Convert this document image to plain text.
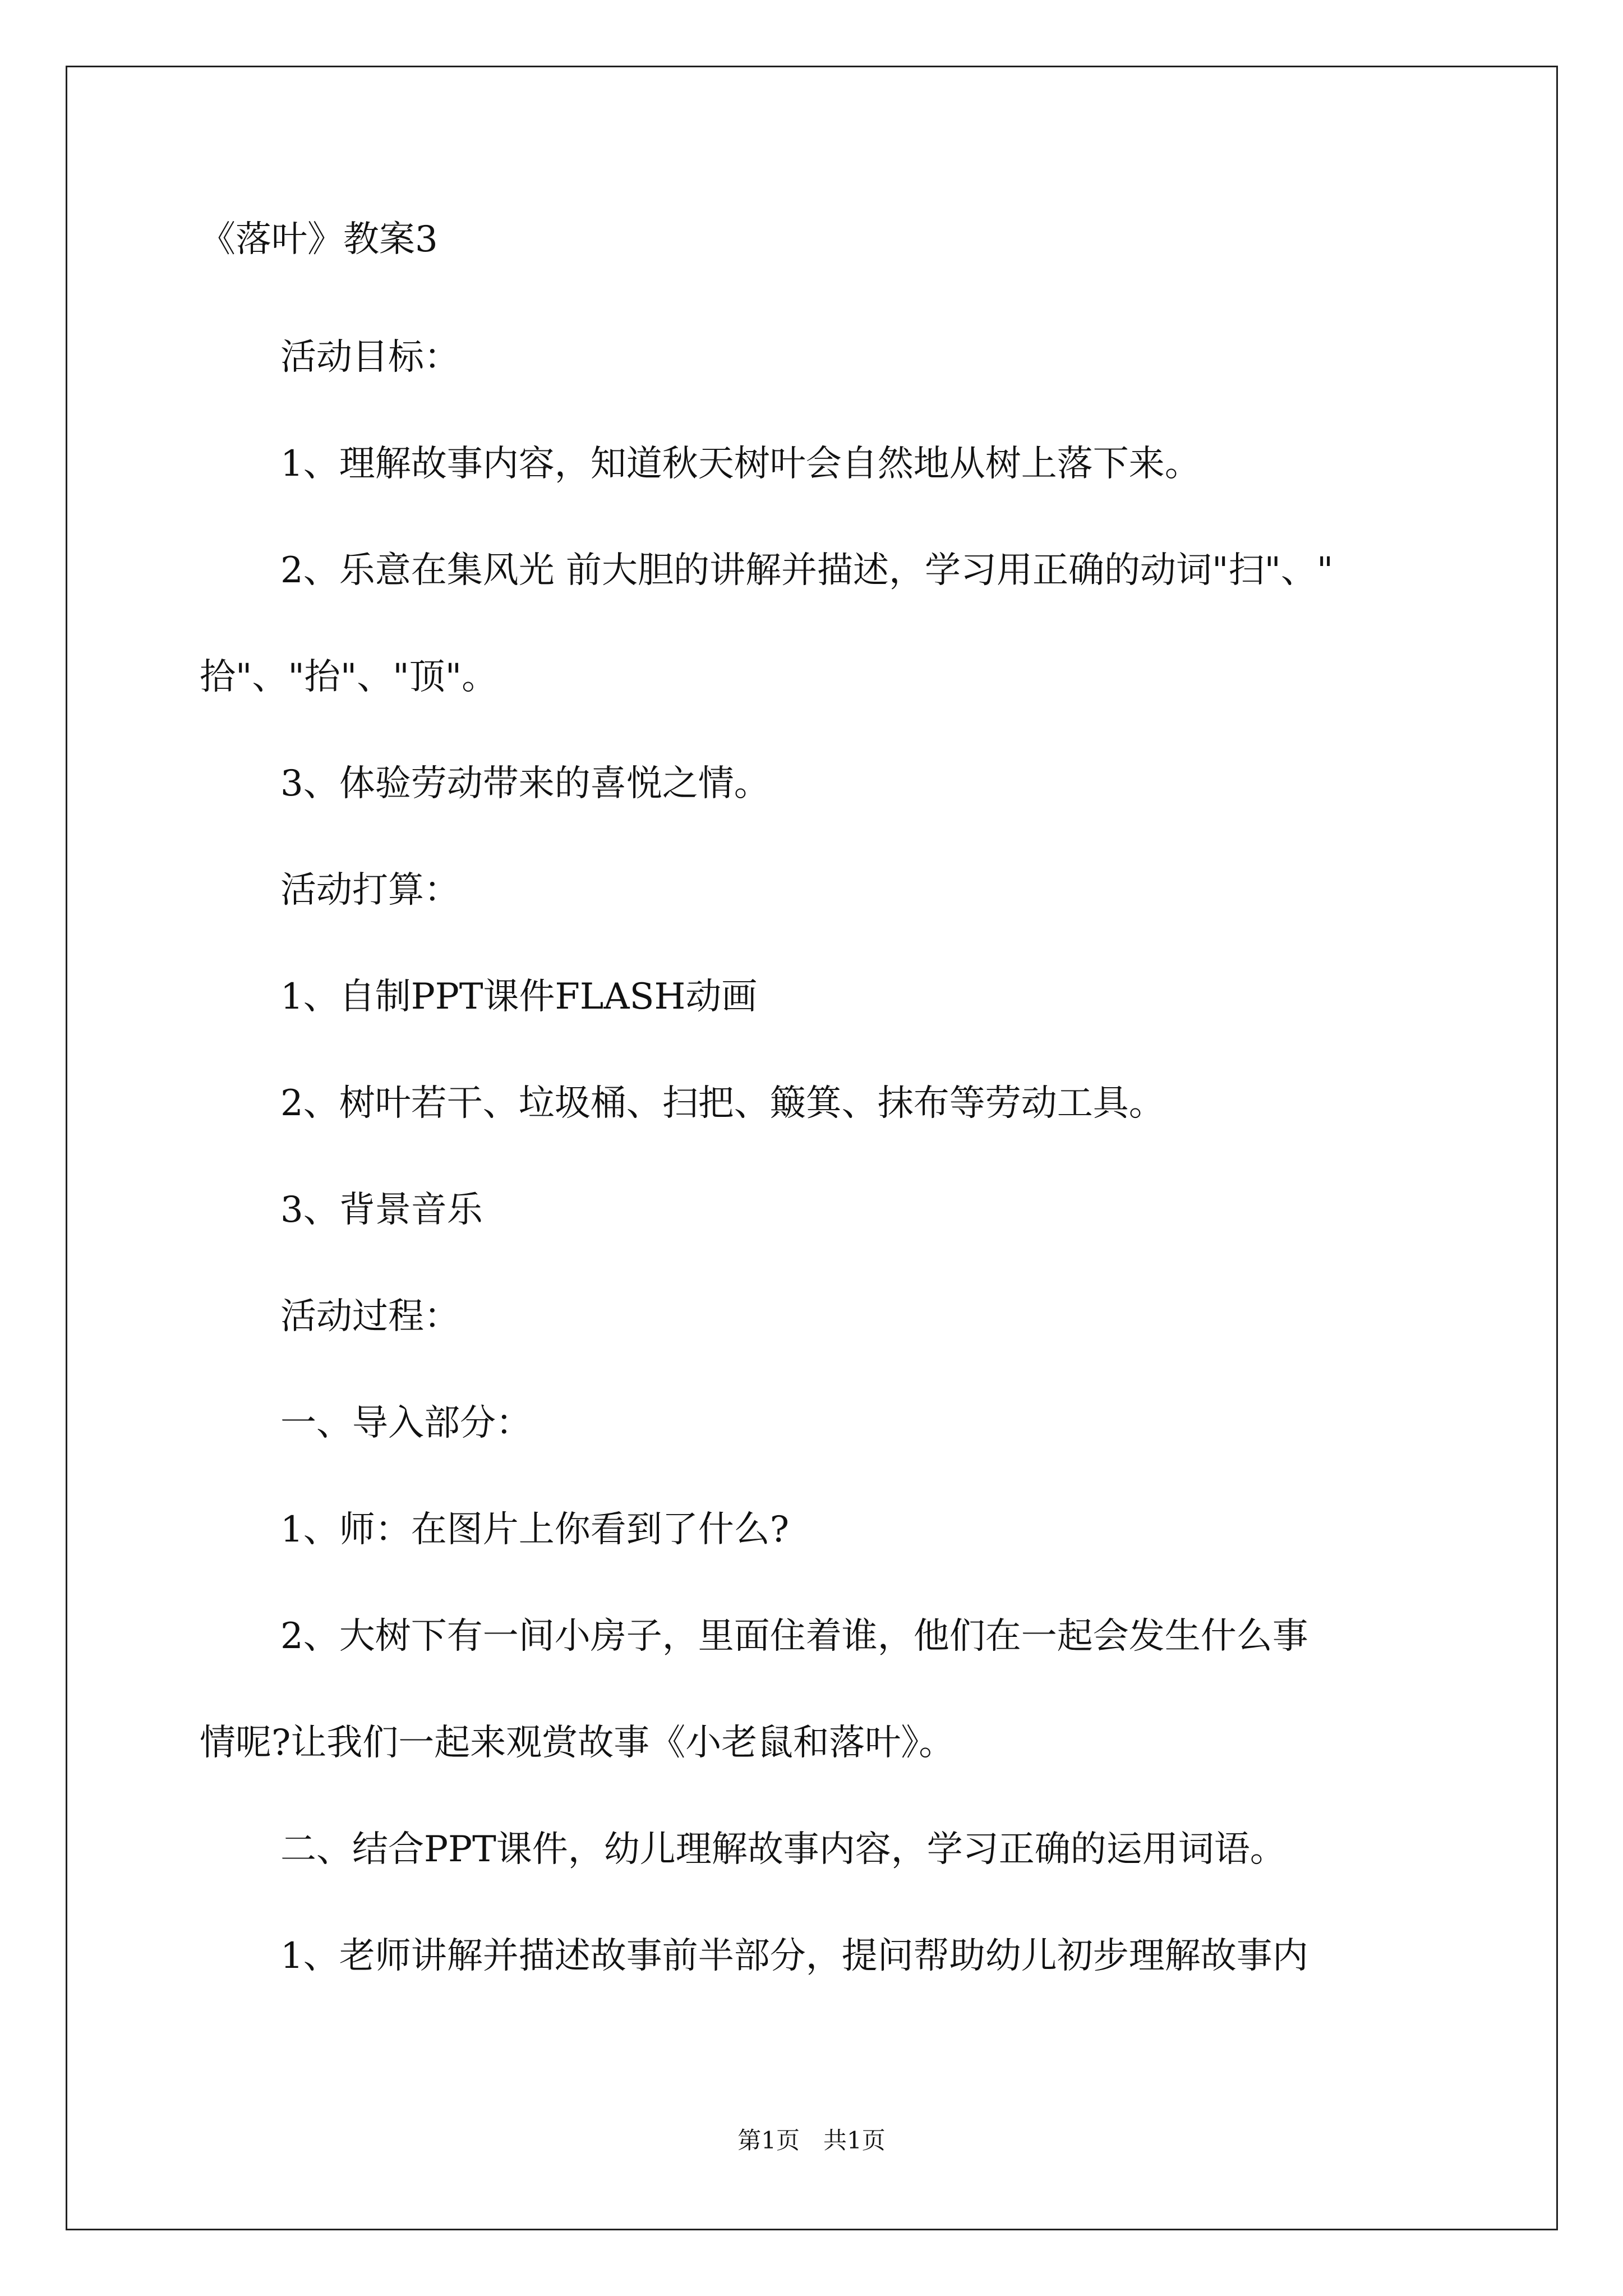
《落叶》教案3
活动目标：
1、理解故事内容，知道秋天树叶会自然地从树上落下来。
2、乐意在集风光 前大胆的讲解并描述，学习用正确的动词"扫"、"
拾"、"抬"、"顶"。
3、体验劳动带来的喜悦之情。
活动打算：
1、自制PPT课件FLASH动画
2、树叶若干、垃圾桶、扫把、簸箕、抹布等劳动工具。
3、背景音乐
活动过程：
一、导入部分：
1、师：在图片上你看到了什么?
2、大树下有一间小房子，里面住着谁，他们在一起会发生什么事
情呢?让我们一起来观赏故事《小老鼠和落叶》。
二、结合PPT课件，幼儿理解故事内容，学习正确的运用词语。
1、老师讲解并描述故事前半部分，提问帮助幼儿初步理解故事内
第1页　共1页
